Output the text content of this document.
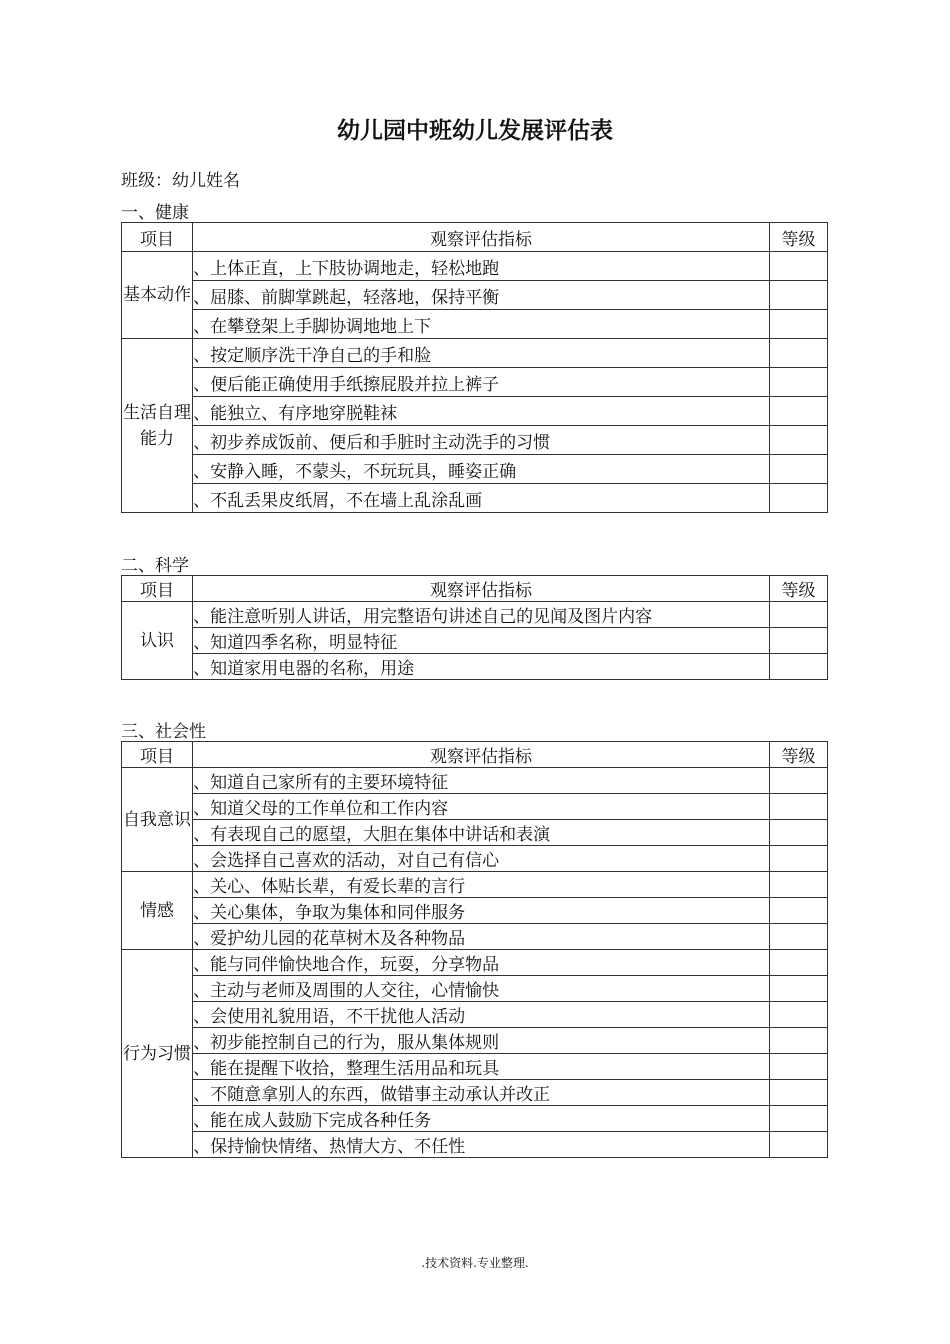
幼儿园中班幼儿发展评估表
班级：幼儿姓名
一、健康
项目	观察评估指标	等级
基本动作	、上体正直，上下肢协调地走，轻松地跑	
	、屈膝、前脚掌跳起，轻落地，保持平衡	
	、在攀登架上手脚协调地地上下	
生活自理能力	、按定顺序洗干净自己的手和脸	
	、便后能正确使用手纸擦屁股并拉上裤子	
	、能独立、有序地穿脱鞋袜	
	、初步养成饭前、便后和手脏时主动洗手的习惯	
	、安静入睡，不蒙头，不玩玩具，睡姿正确	
	、不乱丢果皮纸屑，不在墙上乱涂乱画	
二、科学
项目	观察评估指标	等级
认识	、能注意听别人讲话，用完整语句讲述自己的见闻及图片内容	
	、知道四季名称，明显特征	
	、知道家用电器的名称，用途	
三、社会性
项目	观察评估指标	等级
自我意识	、知道自己家所有的主要环境特征	
	、知道父母的工作单位和工作内容	
	、有表现自己的愿望，大胆在集体中讲话和表演	
	、会选择自己喜欢的活动，对自己有信心	
情感	、关心、体贴长辈，有爱长辈的言行	
	、关心集体，争取为集体和同伴服务	
	、爱护幼儿园的花草树木及各种物品	
行为习惯	、能与同伴愉快地合作，玩耍，分享物品	
	、主动与老师及周围的人交往，心情愉快	
	、会使用礼貌用语，不干扰他人活动	
	、初步能控制自己的行为，服从集体规则	
	、能在提醒下收拾，整理生活用品和玩具	
	、不随意拿别人的东西，做错事主动承认并改正	
	、能在成人鼓励下完成各种任务	
	、保持愉快情绪、热情大方、不任性	
.技术资料.专业整理.
